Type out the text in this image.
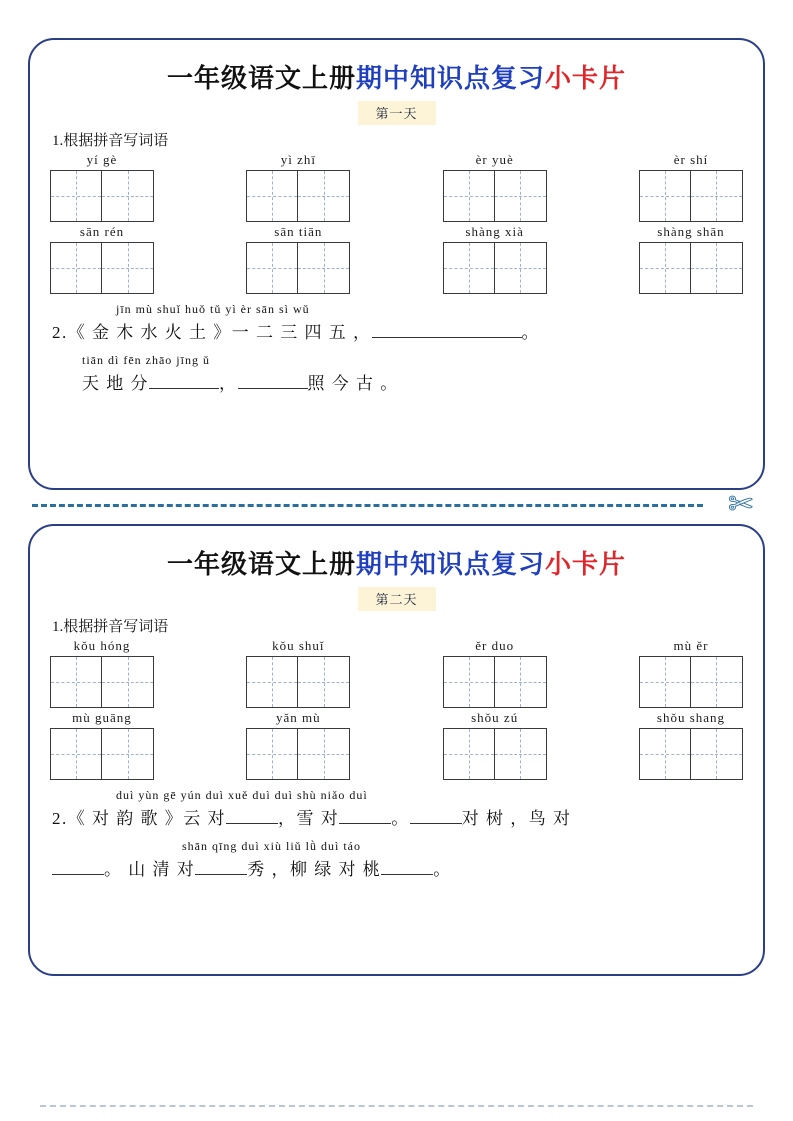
一年级语文上册期中知识点复习小卡片
第一天
1.根据拼音写词语
yí gè	yì zhī	èr yuè	èr shí
sān rén	sān tiān	shàng xià	shàng shān
jīn mù shuǐ huǒ tǔ yì èr sān sì wǔ
2.《 金 木 水 火 土 》一 二 三 四 五 ，	。
tiān dì fēn zhāo jīng ǔ
天 地 分	，	照 今 古 。
✄
一年级语文上册期中知识点复习小卡片
第二天
1.根据拼音写词语
kǒu hóng	kǒu shuǐ	ěr duo	mù ěr
mù guāng	yǎn mù	shǒu zú	shǒu shang
duì yùn gē yún duì xuě duì duì shù niǎo duì
2.《 对 韵 歌 》云 对	，雪 对	。	对 树 ，鸟 对
shān qīng duì xiù liǔ lǜ duì táo
。 山 清 对	秀 ，柳 绿 对 桃	。
